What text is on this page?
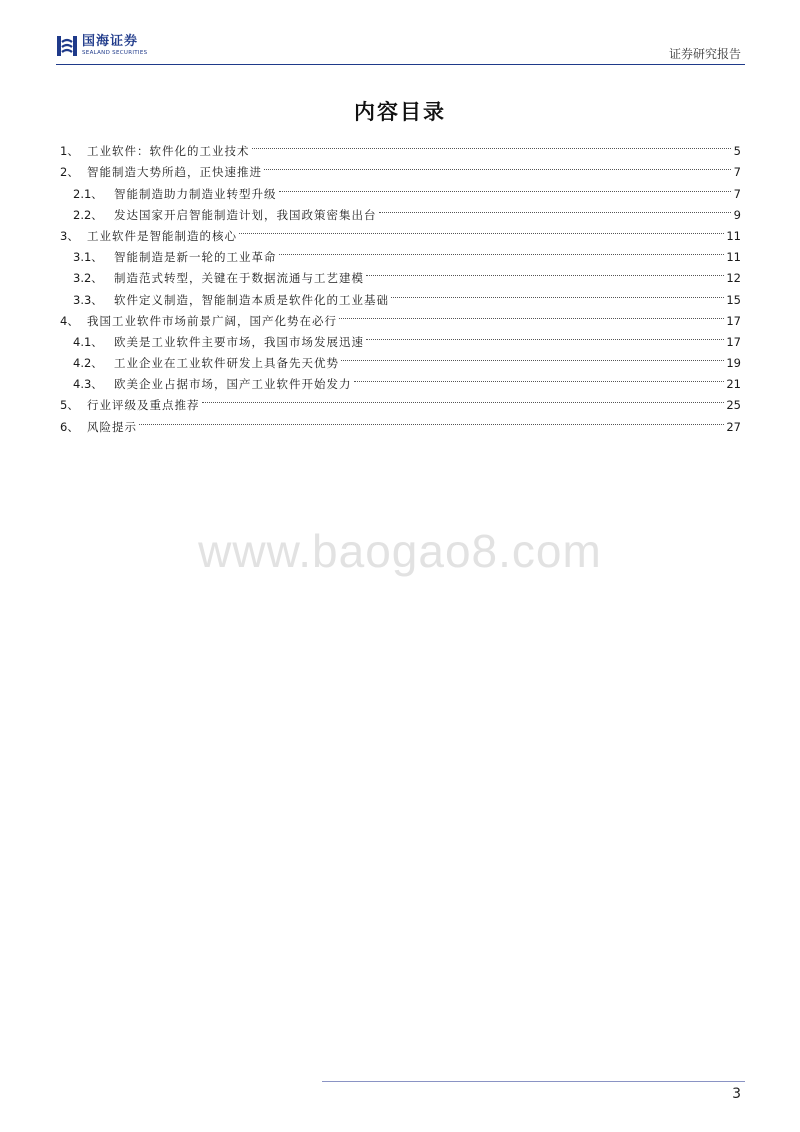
国海证券
SEALAND SECURITIES	证券研究报告
内容目录
1、 工业软件：软件化的工业技术	5
2、 智能制造大势所趋，正快速推进	7
2.1、 智能制造助力制造业转型升级	7
2.2、 发达国家开启智能制造计划，我国政策密集出台	9
3、 工业软件是智能制造的核心	11
3.1、 智能制造是新一轮的工业革命	11
3.2、 制造范式转型，关键在于数据流通与工艺建模	12
3.3、 软件定义制造，智能制造本质是软件化的工业基础	15
4、 我国工业软件市场前景广阔，国产化势在必行	17
4.1、 欧美是工业软件主要市场，我国市场发展迅速	17
4.2、 工业企业在工业软件研发上具备先天优势	19
4.3、 欧美企业占据市场，国产工业软件开始发力	21
5、 行业评级及重点推荐	25
6、 风险提示	27
www.baogao8.com
3
